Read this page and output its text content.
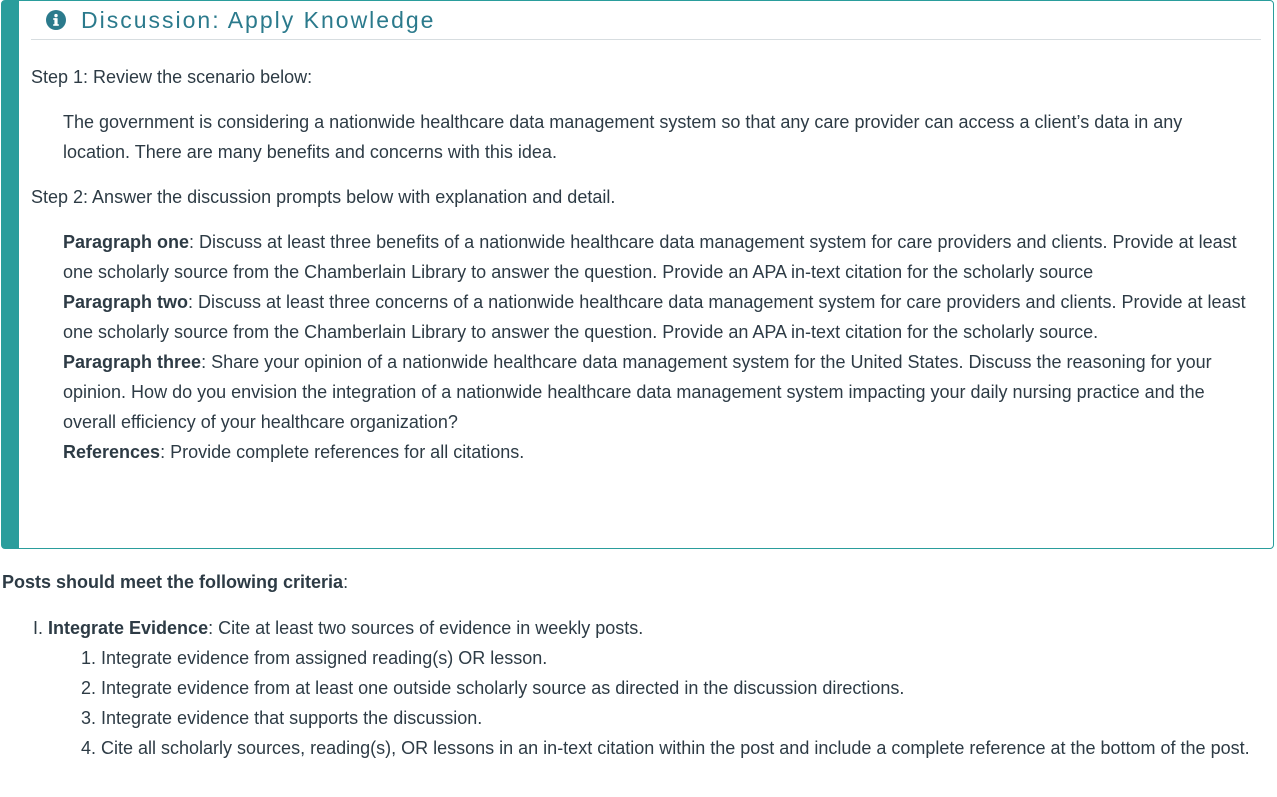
Discussion: Apply Knowledge

Step 1: Review the scenario below:

The government is considering a nationwide healthcare data management system so that any care provider can access a client’s data in any location. There are many benefits and concerns with this idea.

Step 2: Answer the discussion prompts below with explanation and detail.

Paragraph one: Discuss at least three benefits of a nationwide healthcare data management system for care providers and clients. Provide at least one scholarly source from the Chamberlain Library to answer the question. Provide an APA in-text citation for the scholarly source

Paragraph two: Discuss at least three concerns of a nationwide healthcare data management system for care providers and clients. Provide at least one scholarly source from the Chamberlain Library to answer the question. Provide an APA in-text citation for the scholarly source.

Paragraph three: Share your opinion of a nationwide healthcare data management system for the United States. Discuss the reasoning for your opinion. How do you envision the integration of a nationwide healthcare data management system impacting your daily nursing practice and the overall efficiency of your healthcare organization?

References: Provide complete references for all citations.

Posts should meet the following criteria:

I. Integrate Evidence: Cite at least two sources of evidence in weekly posts.

1. Integrate evidence from assigned reading(s) OR lesson.
2. Integrate evidence from at least one outside scholarly source as directed in the discussion directions.
3. Integrate evidence that supports the discussion.
4. Cite all scholarly sources, reading(s), OR lessons in an in-text citation within the post and include a complete reference at the bottom of the post.
